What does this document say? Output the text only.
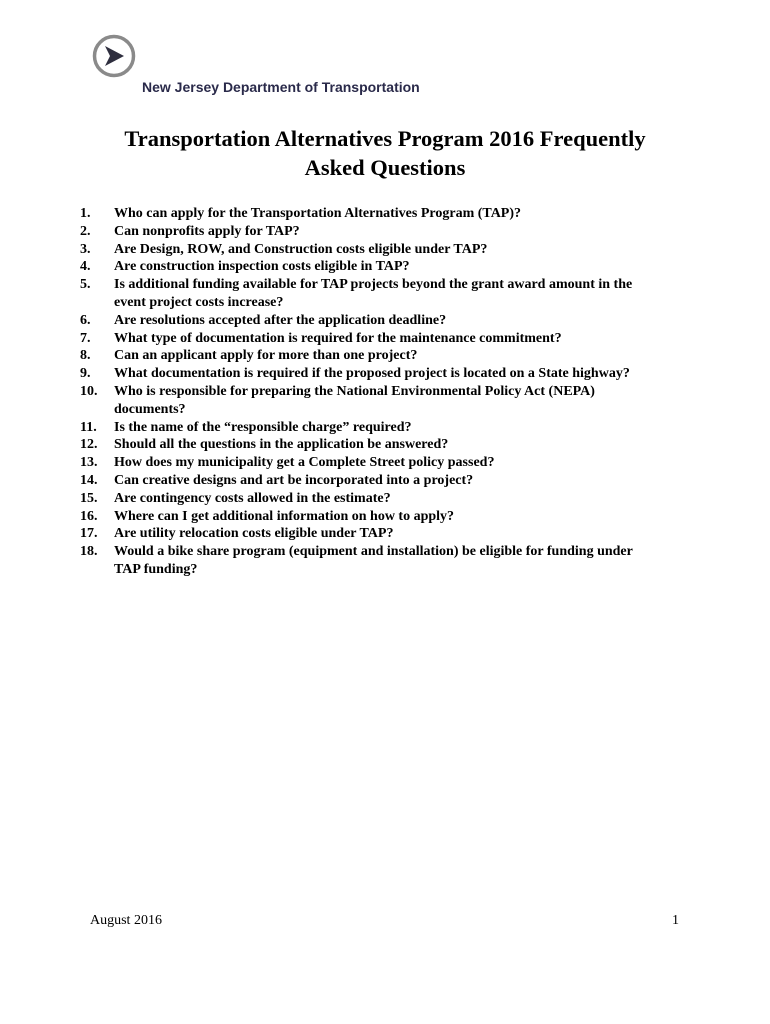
New Jersey Department of Transportation
Transportation Alternatives Program 2016 Frequently
Asked Questions
1. Who can apply for the Transportation Alternatives Program (TAP)?
2. Can nonprofits apply for TAP?
3. Are Design, ROW, and Construction costs eligible under TAP?
4. Are construction inspection costs eligible in TAP?
5. Is additional funding available for TAP projects beyond the grant award amount in the
event project costs increase?
6. Are resolutions accepted after the application deadline?
7. What type of documentation is required for the maintenance commitment?
8. Can an applicant apply for more than one project?
9. What documentation is required if the proposed project is located on a State highway?
10. Who is responsible for preparing the National Environmental Policy Act (NEPA)
documents?
11. Is the name of the “responsible charge” required?
12. Should all the questions in the application be answered?
13. How does my municipality get a Complete Street policy passed?
14. Can creative designs and art be incorporated into a project?
15. Are contingency costs allowed in the estimate?
16. Where can I get additional information on how to apply?
17. Are utility relocation costs eligible under TAP?
18. Would a bike share program (equipment and installation) be eligible for funding under
TAP funding?
August 2016	1
